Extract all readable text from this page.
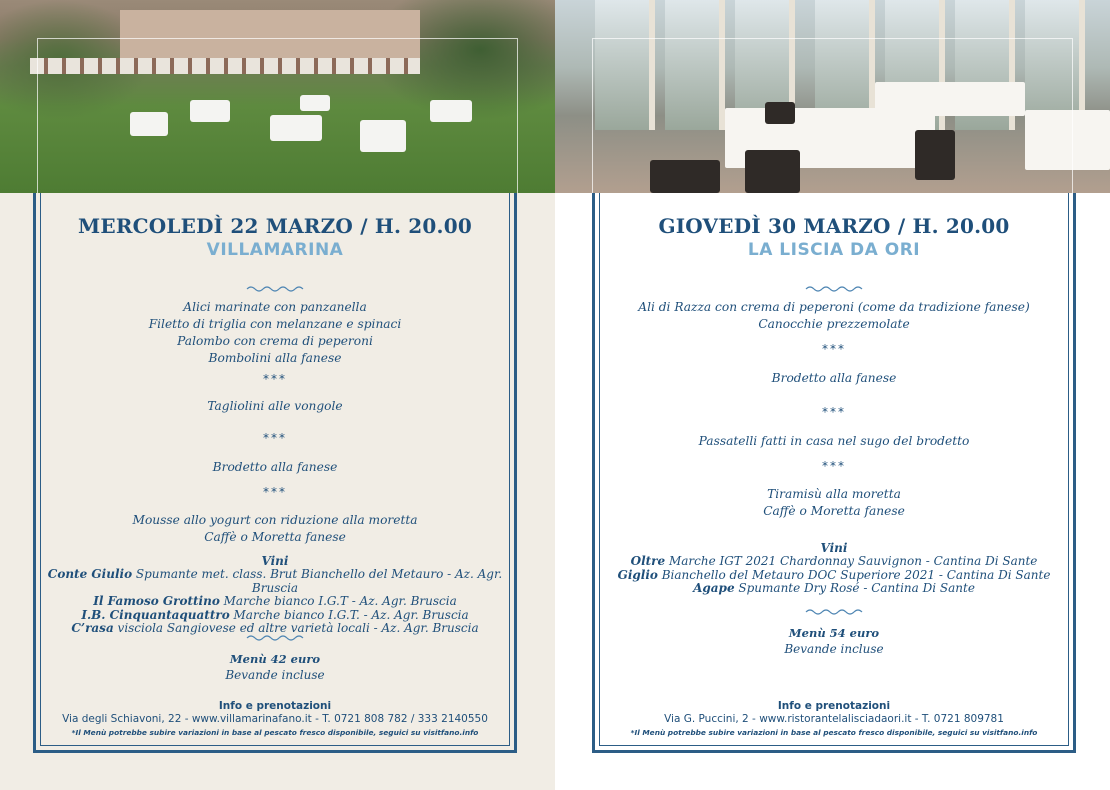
MERCOLEDÌ 22 MARZO / H. 20.00
VILLAMARINA
Alici marinate con panzanella
Filetto di triglia con melanzane e spinaci
Palombo con crema di peperoni
Bombolini alla fanese
***
Tagliolini alle vongole
***
Brodetto alla fanese
***
Mousse allo yogurt con riduzione alla moretta
Caffè o Moretta fanese
Vini
Conte Giulio Spumante met. class. Brut Bianchello del Metauro - Az. Agr. Bruscia
Il Famoso Grottino Marche bianco I.G.T - Az. Agr. Bruscia
I.B. Cinquantaquattro Marche bianco I.G.T. - Az. Agr. Bruscia
C’rasa visciola Sangiovese ed altre varietà locali - Az. Agr. Bruscia
Menù 42 euro
Bevande incluse
Info e prenotazioni
Via degli Schiavoni, 22 - www.villamarinafano.it - T. 0721 808 782 / 333 2140550
*Il Menù potrebbe subire variazioni in base al pescato fresco disponibile, seguici su visitfano.info
GIOVEDÌ 30 MARZO / H. 20.00
LA LISCIA DA ORI
Ali di Razza con crema di peperoni (come da tradizione fanese)
Canocchie prezzemolate
***
Brodetto alla fanese
***
Passatelli fatti in casa nel sugo del brodetto
***
Tiramisù alla moretta
Caffè o Moretta fanese
Vini
Oltre Marche IGT 2021 Chardonnay Sauvignon - Cantina Di Sante
Giglio Bianchello del Metauro DOC Superiore 2021 - Cantina Di Sante
Agape Spumante Dry Rosé - Cantina Di Sante
Menù 54 euro
Bevande incluse
Info e prenotazioni
Via G. Puccini, 2 - www.ristorantelalisciadaori.it - T. 0721 809781
*Il Menù potrebbe subire variazioni in base al pescato fresco disponibile, seguici su visitfano.info
